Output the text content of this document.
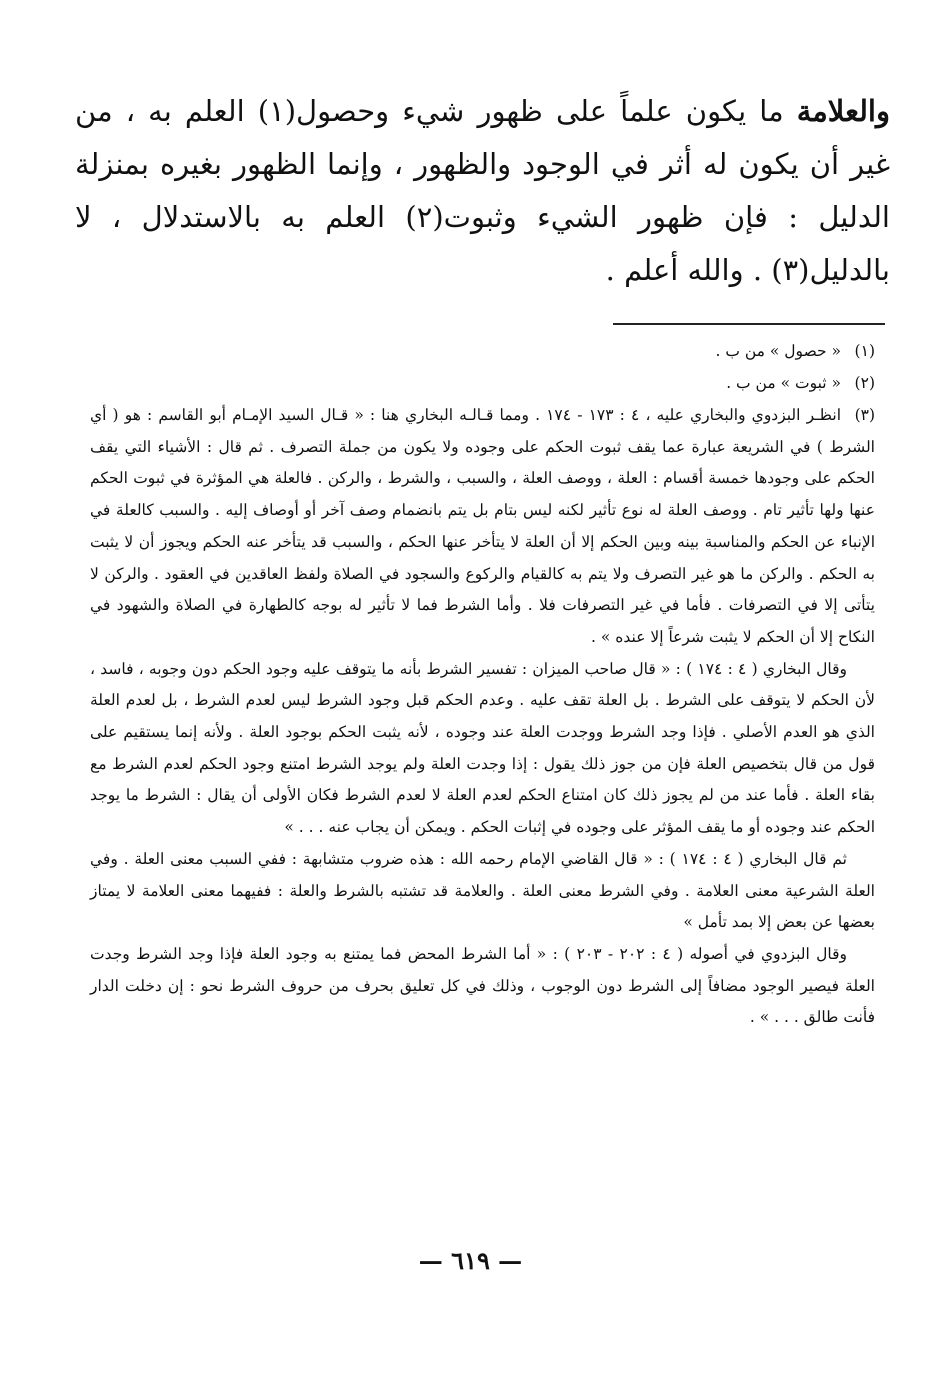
والعلامة ما يكون علماً على ظهور شيء وحصول(١) العلم به ، من غير أن يكون له أثر في الوجود والظهور ، وإنما الظهور بغيره بمنزلة الدليل : فإن ظهور الشيء وثبوت(٢) العلم به بالاستدلال ، لا بالدليل(٣) . والله أعلم .

(١)« حصول » من ب .

(٢)« ثبوت » من ب .

(٣)انظـر البزدوي والبخاري عليه ، ٤ : ١٧٣ - ١٧٤ . ومما قـالـه البخاري هنا : « قـال السيد الإمـام أبو القاسم : هو ( أي الشرط ) في الشريعة عبارة عما يقف ثبوت الحكم على وجوده ولا يكون من جملة التصرف . ثم قال : الأشياء التي يقف الحكم على وجودها خمسة أقسام : العلة ، ووصف العلة ، والسبب ، والشرط ، والركن . فالعلة هي المؤثرة في ثبوت الحكم عنها ولها تأثير تام . ووصف العلة له نوع تأثير لكنه ليس بتام بل يتم بانضمام وصف آخر أو أوصاف إليه . والسبب كالعلة في الإنباء عن الحكم والمناسبة بينه وبين الحكم إلا أن العلة لا يتأخر عنها الحكم ، والسبب قد يتأخر عنه الحكم ويجوز أن لا يثبت به الحكم . والركن ما هو غير التصرف ولا يتم به كالقيام والركوع والسجود في الصلاة ولفظ العاقدين في العقود . والركن لا يتأتى إلا في التصرفات . فأما في غير التصرفات فلا . وأما الشرط فما لا تأثير له بوجه كالطهارة في الصلاة والشهود في النكاح إلا أن الحكم لا يثبت شرعاً إلا عنده » .

وقال البخاري ( ٤ : ١٧٤ ) : « قال صاحب الميزان : تفسير الشرط بأنه ما يتوقف عليه وجود الحكم دون وجوبه ، فاسد ، لأن الحكم لا يتوقف على الشرط . بل العلة تقف عليه . وعدم الحكم قبل وجود الشرط ليس لعدم الشرط ، بل لعدم العلة الذي هو العدم الأصلي . فإذا وجد الشرط ووجدت العلة عند وجوده ، لأنه يثبت الحكم بوجود العلة . ولأنه إنما يستقيم على قول من قال بتخصيص العلة فإن من جوز ذلك يقول : إذا وجدت العلة ولم يوجد الشرط امتنع وجود الحكم لعدم الشرط مع بقاء العلة . فأما عند من لم يجوز ذلك كان امتناع الحكم لعدم العلة لا لعدم الشرط فكان الأولى أن يقال : الشرط ما يوجد الحكم عند وجوده أو ما يقف المؤثر على وجوده في إثبات الحكم . ويمكن أن يجاب عنه . . . »

ثم قال البخاري ( ٤ : ١٧٤ ) : « قال القاضي الإمام رحمه الله : هذه ضروب متشابهة : ففي السبب معنى العلة . وفي العلة الشرعية معنى العلامة . وفي الشرط معنى العلة . والعلامة قد تشتبه بالشرط والعلة : ففيهما معنى العلامة لا يمتاز بعضها عن بعض إلا بمد تأمل »

وقال البزدوي في أصوله ( ٤ : ٢٠٢ - ٢٠٣ ) : « أما الشرط المحض فما يمتنع به وجود العلة فإذا وجد الشرط وجدت العلة فيصير الوجود مضافاً إلى الشرط دون الوجوب ، وذلك في كل تعليق بحرف من حروف الشرط نحو : إن دخلت الدار فأنت طالق . . . » .

— ٦١٩ —
